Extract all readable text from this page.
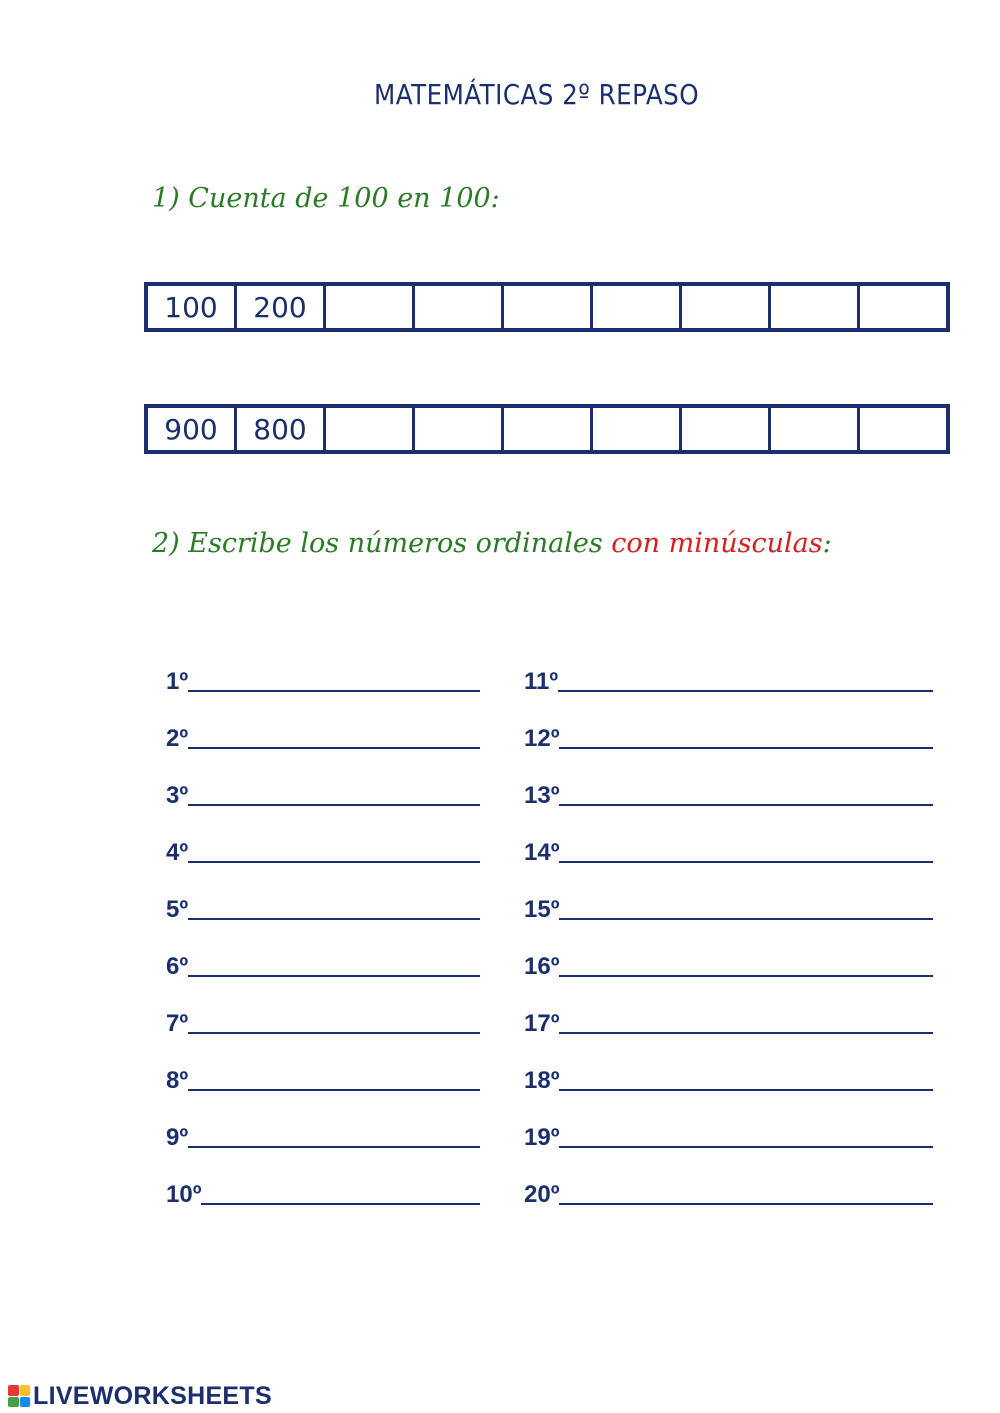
MATEMÁTICAS 2º REPASO
1) Cuenta de 100 en 100:
100	200
900	800
2) Escribe los números ordinales con minúsculas:
1º
2º
3º
4º
5º
6º
7º
8º
9º
10º
11º
12º
13º
14º
15º
16º
17º
18º
19º
20º
LIVEWORKSHEETS
